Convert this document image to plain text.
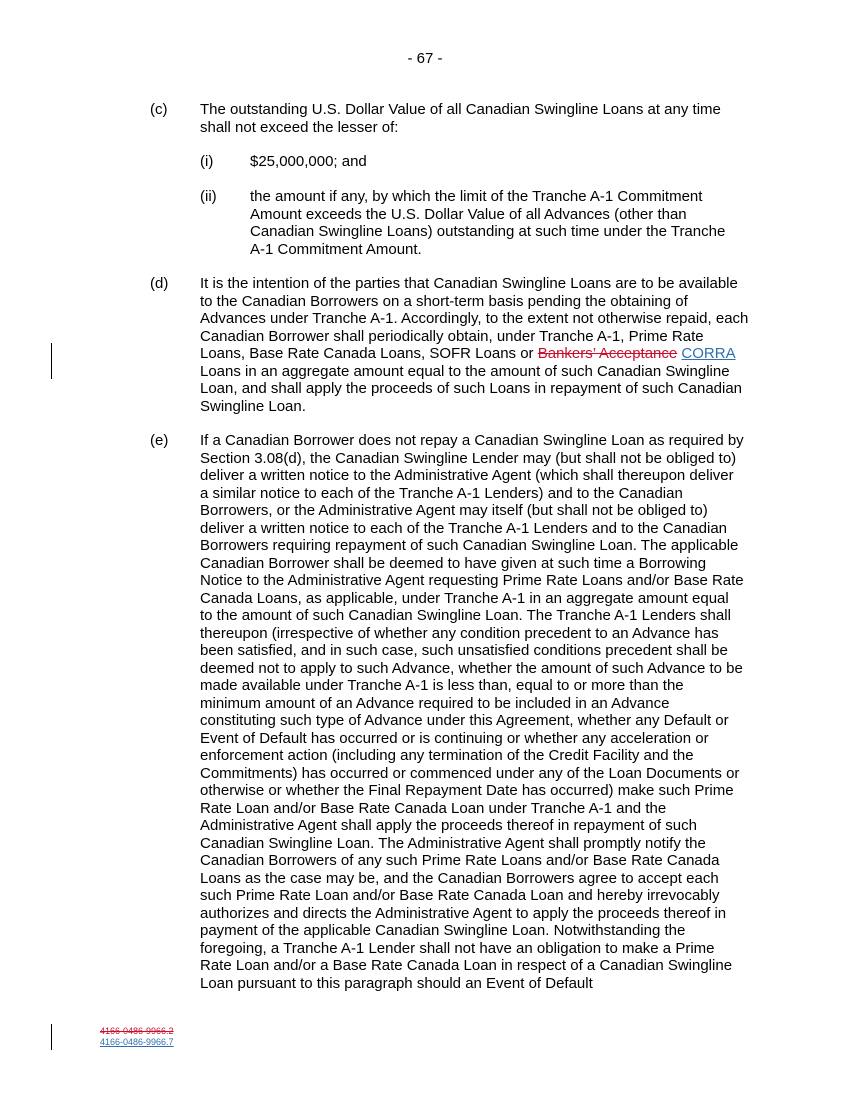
- 67 -
(c) The outstanding U.S. Dollar Value of all Canadian Swingline Loans at any time shall not exceed the lesser of:

(i) $25,000,000; and

(ii) the amount if any, by which the limit of the Tranche A-1 Commitment Amount exceeds the U.S. Dollar Value of all Advances (other than Canadian Swingline Loans) outstanding at such time under the Tranche A-1 Commitment Amount.

(d) It is the intention of the parties that Canadian Swingline Loans are to be available to the Canadian Borrowers on a short-term basis pending the obtaining of Advances under Tranche A-1. Accordingly, to the extent not otherwise repaid, each Canadian Borrower shall periodically obtain, under Tranche A-1, Prime Rate Loans, Base Rate Canada Loans, SOFR Loans or Bankers’ Acceptance CORRA Loans in an aggregate amount equal to the amount of such Canadian Swingline Loan, and shall apply the proceeds of such Loans in repayment of such Canadian Swingline Loan.

(e) If a Canadian Borrower does not repay a Canadian Swingline Loan as required by Section 3.08(d), the Canadian Swingline Lender may (but shall not be obliged to) deliver a written notice to the Administrative Agent (which shall thereupon deliver a similar notice to each of the Tranche A-1 Lenders) and to the Canadian Borrowers, or the Administrative Agent may itself (but shall not be obliged to) deliver a written notice to each of the Tranche A-1 Lenders and to the Canadian Borrowers requiring repayment of such Canadian Swingline Loan. The applicable Canadian Borrower shall be deemed to have given at such time a Borrowing Notice to the Administrative Agent requesting Prime Rate Loans and/or Base Rate Canada Loans, as applicable, under Tranche A-1 in an aggregate amount equal to the amount of such Canadian Swingline Loan. The Tranche A-1 Lenders shall thereupon (irrespective of whether any condition precedent to an Advance has been satisfied, and in such case, such unsatisfied conditions precedent shall be deemed not to apply to such Advance, whether the amount of such Advance to be made available under Tranche A-1 is less than, equal to or more than the minimum amount of an Advance required to be included in an Advance constituting such type of Advance under this Agreement, whether any Default or Event of Default has occurred or is continuing or whether any acceleration or enforcement action (including any termination of the Credit Facility and the Commitments) has occurred or commenced under any of the Loan Documents or otherwise or whether the Final Repayment Date has occurred) make such Prime Rate Loan and/or Base Rate Canada Loan under Tranche A-1 and the Administrative Agent shall apply the proceeds thereof in repayment of such Canadian Swingline Loan. The Administrative Agent shall promptly notify the Canadian Borrowers of any such Prime Rate Loans and/or Base Rate Canada Loans as the case may be, and the Canadian Borrowers agree to accept each such Prime Rate Loan and/or Base Rate Canada Loan and hereby irrevocably authorizes and directs the Administrative Agent to apply the proceeds thereof in payment of the applicable Canadian Swingline Loan. Notwithstanding the foregoing, a Tranche A-1 Lender shall not have an obligation to make a Prime Rate Loan and/or a Base Rate Canada Loan in respect of a Canadian Swingline Loan pursuant to this paragraph should an Event of Default

4166-0486-9966.2
4166-0486-9966.7
